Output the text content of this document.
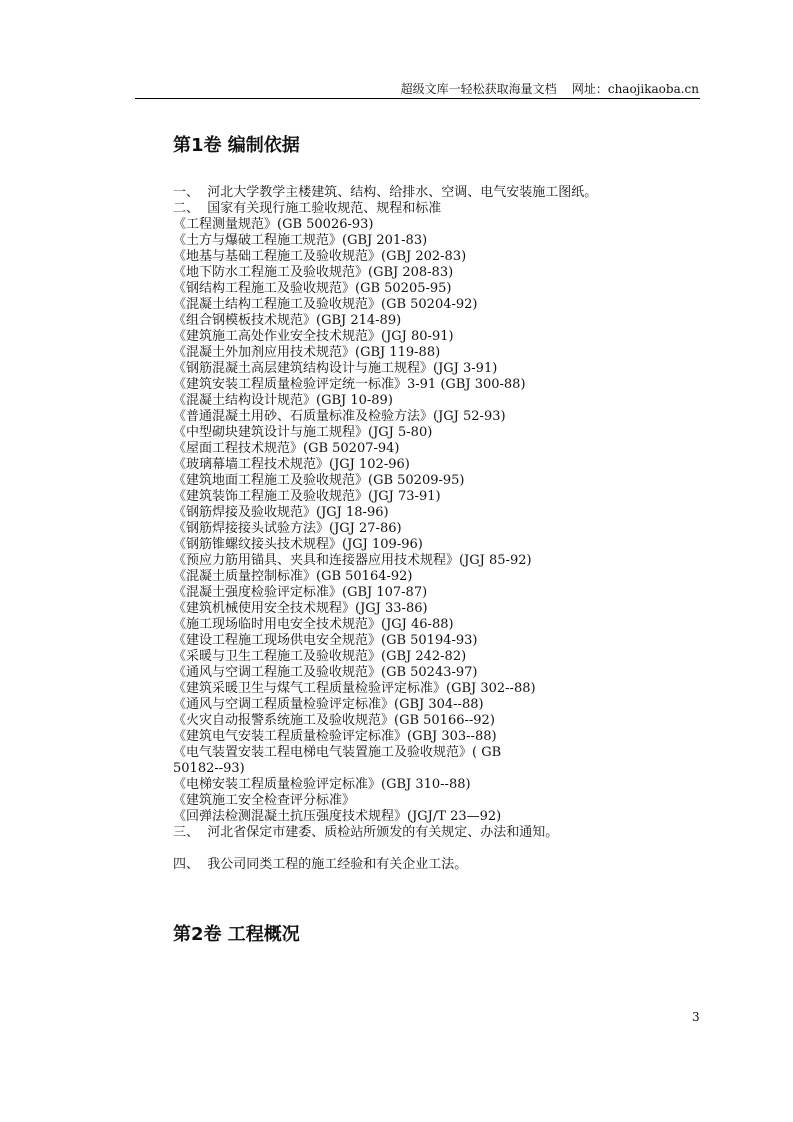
超级文库一轻松获取海量文档    网址：chaojikaoba.cn
第1卷 编制依据
一、  河北大学教学主楼建筑、结构、给排水、空调、电气安装施工图纸。
二、  国家有关现行施工验收规范、规程和标准
《工程测量规范》(GB 50026-93)
《土方与爆破工程施工规范》(GBJ 201-83)
《地基与基础工程施工及验收规范》(GBJ 202-83)
《地下防水工程施工及验收规范》(GBJ 208-83)
《钢结构工程施工及验收规范》(GB 50205-95)
《混凝土结构工程施工及验收规范》(GB 50204-92)
《组合钢模板技术规范》(GBJ 214-89)
《建筑施工高处作业安全技术规范》(JGJ 80-91)
《混凝土外加剂应用技术规范》(GBJ 119-88)
《钢筋混凝土高层建筑结构设计与施工规程》(JGJ 3-91)
《建筑安装工程质量检验评定统一标准》3-91 (GBJ 300-88)
《混凝土结构设计规范》(GBJ 10-89)
《普通混凝土用砂、石质量标准及检验方法》(JGJ 52-93)
《中型砌块建筑设计与施工规程》(JGJ 5-80)
《屋面工程技术规范》(GB 50207-94)
《玻璃幕墙工程技术规范》(JGJ 102-96)
《建筑地面工程施工及验收规范》(GB 50209-95)
《建筑装饰工程施工及验收规范》(JGJ 73-91)
《钢筋焊接及验收规范》(JGJ 18-96)
《钢筋焊接接头试验方法》(JGJ 27-86)
《钢筋锥螺纹接头技术规程》(JGJ 109-96)
《预应力筋用锚具、夹具和连接器应用技术规程》(JGJ 85-92)
《混凝土质量控制标准》(GB 50164-92)
《混凝土强度检验评定标准》(GBJ 107-87)
《建筑机械使用安全技术规程》(JGJ 33-86)
《施工现场临时用电安全技术规范》(JGJ 46-88)
《建设工程施工现场供电安全规范》(GB 50194-93)
《采暖与卫生工程施工及验收规范》(GBJ 242-82)
《通风与空调工程施工及验收规范》(GB 50243-97)
《建筑采暖卫生与煤气工程质量检验评定标准》(GBJ 302--88)
《通风与空调工程质量检验评定标准》(GBJ 304--88)
《火灾自动报警系统施工及验收规范》(GB 50166--92)
《建筑电气安装工程质量检验评定标准》(GBJ 303--88)
《电气装置安装工程电梯电气装置施工及验收规范》( GB
50182--93)
《电梯安装工程质量检验评定标准》(GBJ 310--88)
《建筑施工安全检查评分标准》
《回弹法检测混凝土抗压强度技术规程》(JGJ/T 23—92)
三、  河北省保定市建委、质检站所颁发的有关规定、办法和通知。
四、  我公司同类工程的施工经验和有关企业工法。
第2卷 工程概况
3
